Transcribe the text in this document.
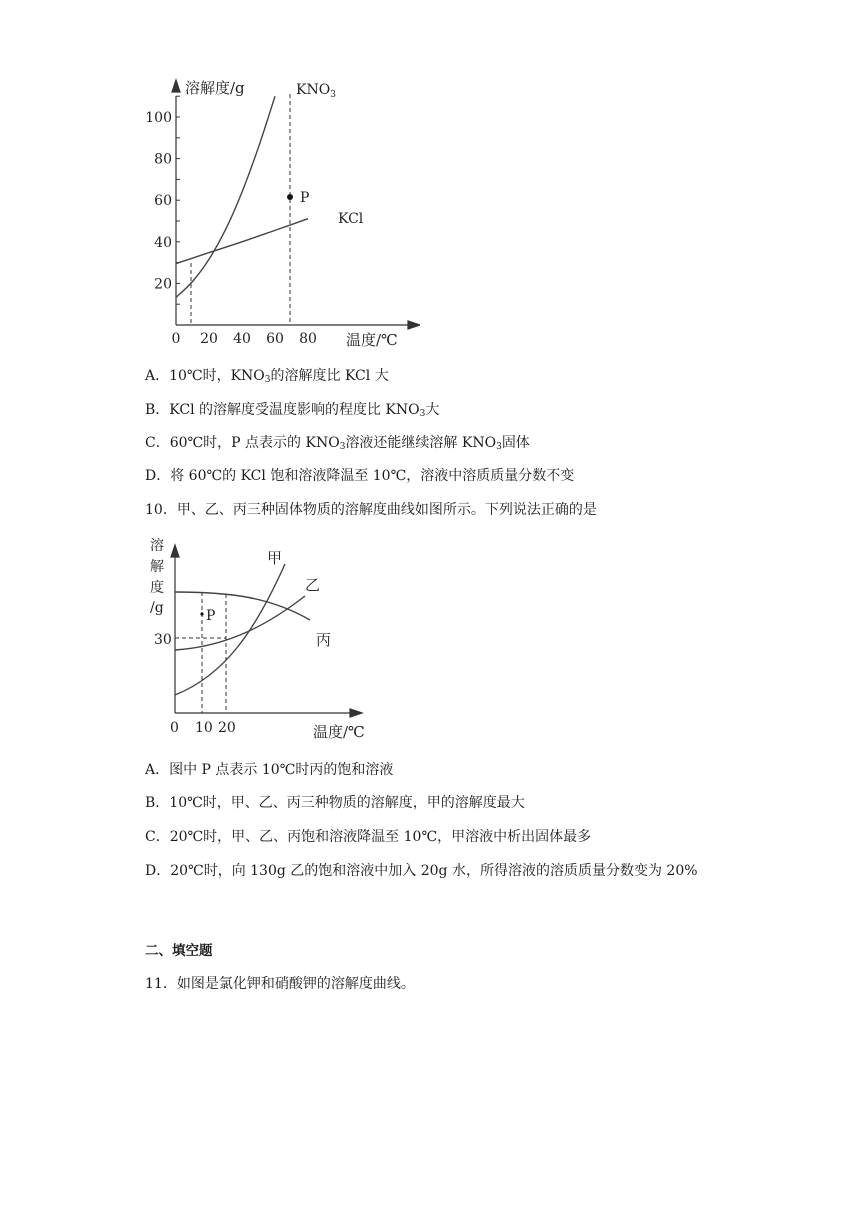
20
40
60
80
100
0 20 40 60 80
溶解度/g
温度/℃
P
$KNO_3$
KCl
A．10℃时，$KNO_3$的溶解度比 KCl 大
B．KCl 的溶解度受温度影响的程度比 $KNO_3$大
C．60℃时，P 点表示的 $KNO_3$溶液还能继续溶解 $KNO_3$固体
D．将 60℃的 KCl 饱和溶液降温至 10℃，溶液中溶质质量分数不变
10．甲、乙、丙三种固体物质的溶解度曲线如图所示。下列说法正确的是
溶
解
度
/g
30
0 10 20	温度/℃
P
甲
乙
丙
A．图中 P 点表示 10℃时丙的饱和溶液
B．10℃时，甲、乙、丙三种物质的溶解度，甲的溶解度最大
C．20℃时，甲、乙、丙饱和溶液降温至 10℃，甲溶液中析出固体最多
D．20℃时，向 130g 乙的饱和溶液中加入 20g 水，所得溶液的溶质质量分数变为 20%
二、填空题
11．如图是氯化钾和硝酸钾的溶解度曲线。
